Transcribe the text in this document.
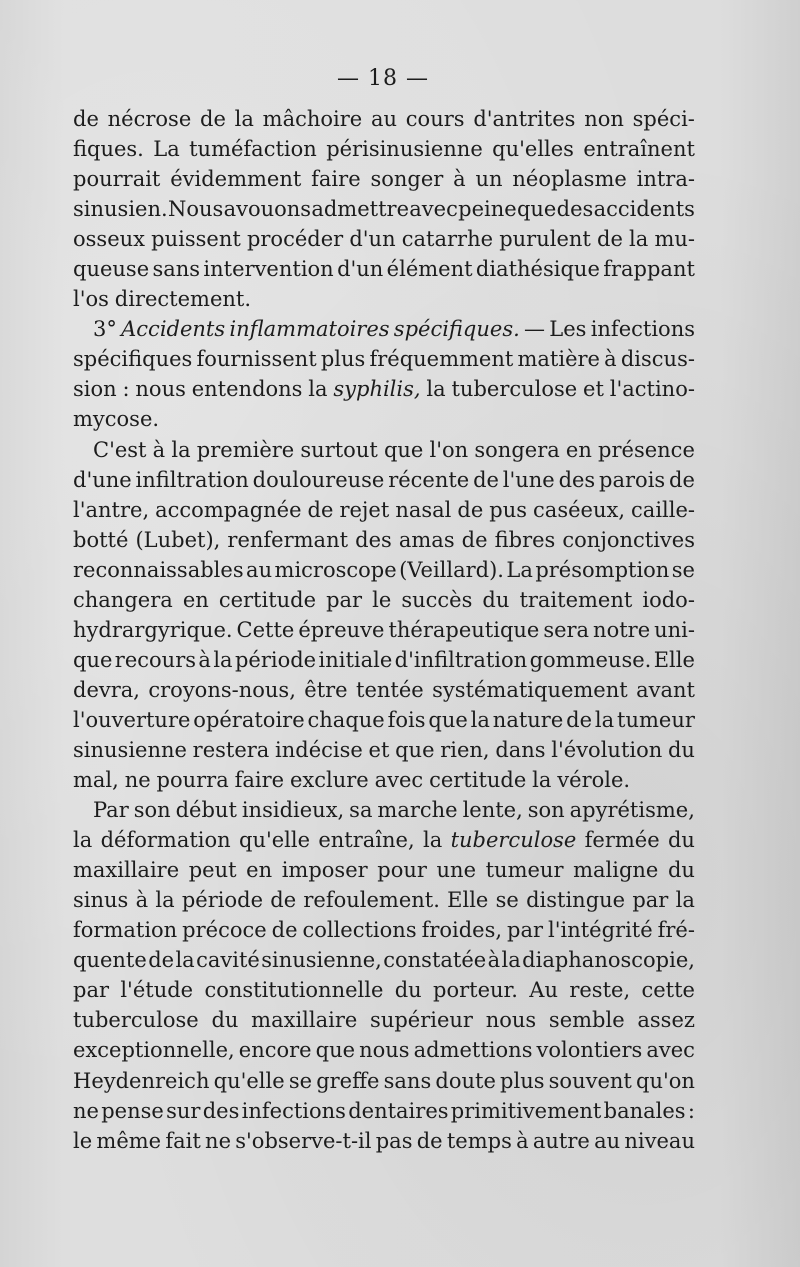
— 18 —
de nécrose de la mâchoire au cours d'antrites non spéci-
fiques. La tuméfaction périsinusienne qu'elles entraînent
pourrait évidemment faire songer à un néoplasme intra-
sinusien. Nous avouons admettre avec peine que des accidents
osseux puissent procéder d'un catarrhe purulent de la mu-
queuse sans intervention d'un élément diathésique frappant
l'os directement.
3° Accidents inflammatoires spécifiques. — Les infections
spécifiques fournissent plus fréquemment matière à discus-
sion : nous entendons la syphilis, la tuberculose et l'actino-
mycose.
C'est à la première surtout que l'on songera en présence
d'une infiltration douloureuse récente de l'une des parois de
l'antre, accompagnée de rejet nasal de pus caséeux, caille-
botté (Lubet), renfermant des amas de fibres conjonctives
reconnaissables au microscope (Veillard). La présomption se
changera en certitude par le succès du traitement iodo-
hydrargyrique. Cette épreuve thérapeutique sera notre uni-
que recours à la période initiale d'infiltration gommeuse. Elle
devra, croyons-nous, être tentée systématiquement avant
l'ouverture opératoire chaque fois que la nature de la tumeur
sinusienne restera indécise et que rien, dans l'évolution du
mal, ne pourra faire exclure avec certitude la vérole.
Par son début insidieux, sa marche lente, son apyrétisme,
la déformation qu'elle entraîne, la tuberculose fermée du
maxillaire peut en imposer pour une tumeur maligne du
sinus à la période de refoulement. Elle se distingue par la
formation précoce de collections froides, par l'intégrité fré-
quente de la cavité sinusienne, constatée à la diaphanoscopie,
par l'étude constitutionnelle du porteur. Au reste, cette
tuberculose du maxillaire supérieur nous semble assez
exceptionnelle, encore que nous admettions volontiers avec
Heydenreich qu'elle se greffe sans doute plus souvent qu'on
ne pense sur des infections dentaires primitivement banales :
le même fait ne s'observe-t-il pas de temps à autre au niveau
